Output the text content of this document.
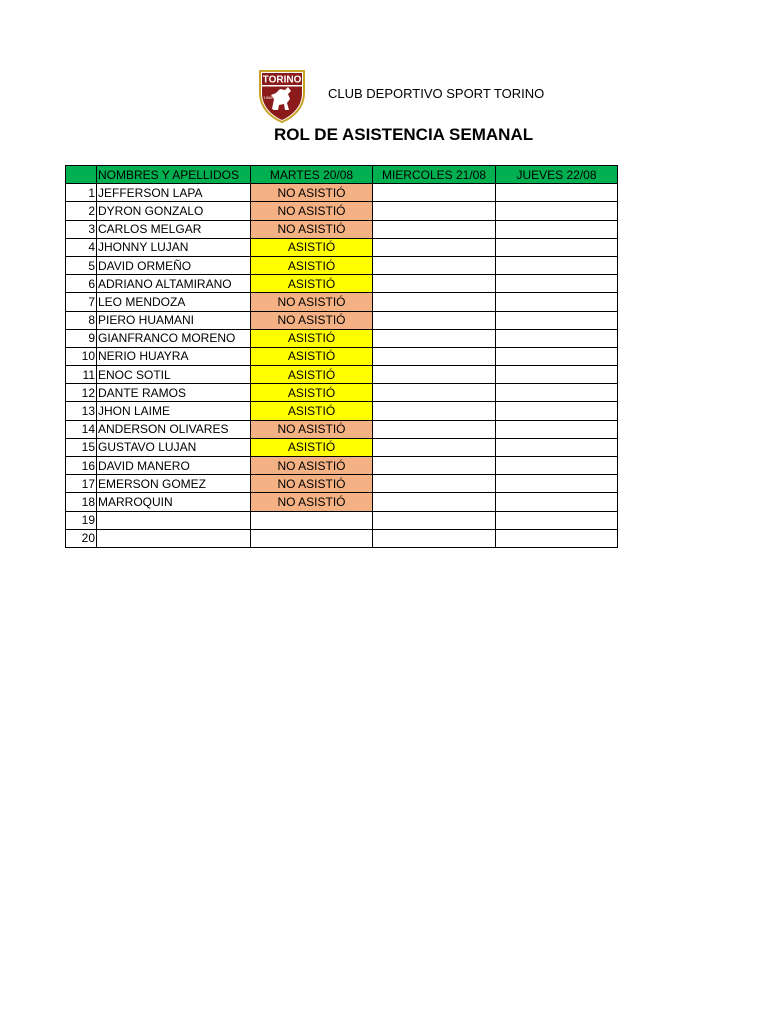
TORINO
1906	CLUB DEPORTIVO SPORT TORINO
ROL DE ASISTENCIA SEMANAL
	NOMBRES Y APELLIDOS	MARTES 20/08	MIERCOLES 21/08	JUEVES 22/08
1	JEFFERSON LAPA	NO ASISTIÓ		
2	DYRON GONZALO	NO ASISTIÓ		
3	CARLOS MELGAR	NO ASISTIÓ		
4	JHONNY LUJAN	ASISTIÓ		
5	DAVID ORMEÑO	ASISTIÓ		
6	ADRIANO ALTAMIRANO	ASISTIÓ		
7	LEO MENDOZA	NO ASISTIÓ		
8	PIERO HUAMANI	NO ASISTIÓ		
9	GIANFRANCO MORENO	ASISTIÓ		
10	NERIO HUAYRA	ASISTIÓ		
11	ENOC SOTIL	ASISTIÓ		
12	DANTE RAMOS	ASISTIÓ		
13	JHON LAIME	ASISTIÓ		
14	ANDERSON OLIVARES	NO ASISTIÓ		
15	GUSTAVO LUJAN	ASISTIÓ		
16	DAVID MANERO	NO ASISTIÓ		
17	EMERSON GOMEZ	NO ASISTIÓ		
18	MARROQUIN	NO ASISTIÓ		
19				
20				
